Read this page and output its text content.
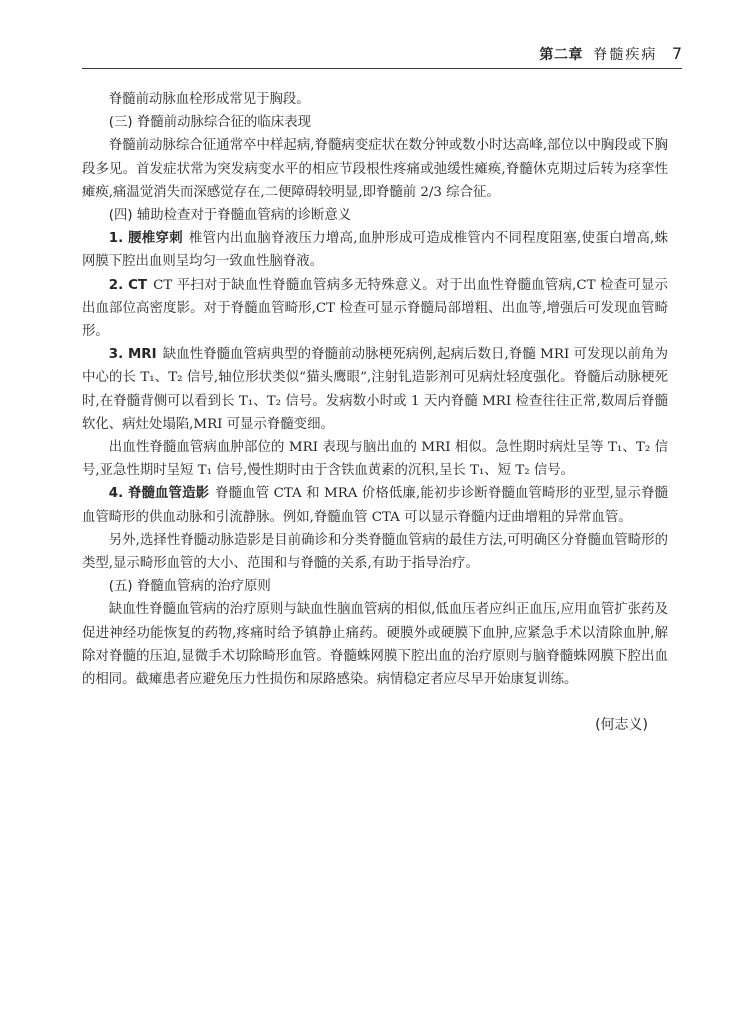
第二章 脊髓疾病 7

脊髓前动脉血栓形成常见于胸段。

(三) 脊髓前动脉综合征的临床表现

脊髓前动脉综合征通常卒中样起病,脊髓病变症状在数分钟或数小时达高峰,部位以中胸段或下胸段多见。首发症状常为突发病变水平的相应节段根性疼痛或弛缓性瘫痪,脊髓休克期过后转为痉挛性瘫痪,痛温觉消失而深感觉存在,二便障碍较明显,即脊髓前 2/3 综合征。

(四) 辅助检查对于脊髓血管病的诊断意义

1. 腰椎穿刺 椎管内出血脑脊液压力增高,血肿形成可造成椎管内不同程度阻塞,使蛋白增高,蛛网膜下腔出血则呈均匀一致血性脑脊液。

2. CT CT 平扫对于缺血性脊髓血管病多无特殊意义。对于出血性脊髓血管病,CT 检查可显示出血部位高密度影。对于脊髓血管畸形,CT 检查可显示脊髓局部增粗、出血等,增强后可发现血管畸形。

3. MRI 缺血性脊髓血管病典型的脊髓前动脉梗死病例,起病后数日,脊髓 MRI 可发现以前角为中心的长 T₁、T₂ 信号,轴位形状类似“猫头鹰眼”,注射钆造影剂可见病灶轻度强化。脊髓后动脉梗死时,在脊髓背侧可以看到长 T₁、T₂ 信号。发病数小时或 1 天内脊髓 MRI 检查往往正常,数周后脊髓软化、病灶处塌陷,MRI 可显示脊髓变细。

出血性脊髓血管病血肿部位的 MRI 表现与脑出血的 MRI 相似。急性期时病灶呈等 T₁、T₂ 信号,亚急性期时呈短 T₁ 信号,慢性期时由于含铁血黄素的沉积,呈长 T₁、短 T₂ 信号。

4. 脊髓血管造影 脊髓血管 CTA 和 MRA 价格低廉,能初步诊断脊髓血管畸形的亚型,显示脊髓血管畸形的供血动脉和引流静脉。例如,脊髓血管 CTA 可以显示脊髓内迂曲增粗的异常血管。

另外,选择性脊髓动脉造影是目前确诊和分类脊髓血管病的最佳方法,可明确区分脊髓血管畸形的类型,显示畸形血管的大小、范围和与脊髓的关系,有助于指导治疗。

(五) 脊髓血管病的治疗原则

缺血性脊髓血管病的治疗原则与缺血性脑血管病的相似,低血压者应纠正血压,应用血管扩张药及促进神经功能恢复的药物,疼痛时给予镇静止痛药。硬膜外或硬膜下血肿,应紧急手术以清除血肿,解除对脊髓的压迫,显微手术切除畸形血管。脊髓蛛网膜下腔出血的治疗原则与脑脊髓蛛网膜下腔出血的相同。截瘫患者应避免压力性损伤和尿路感染。病情稳定者应尽早开始康复训练。

(何志义)
